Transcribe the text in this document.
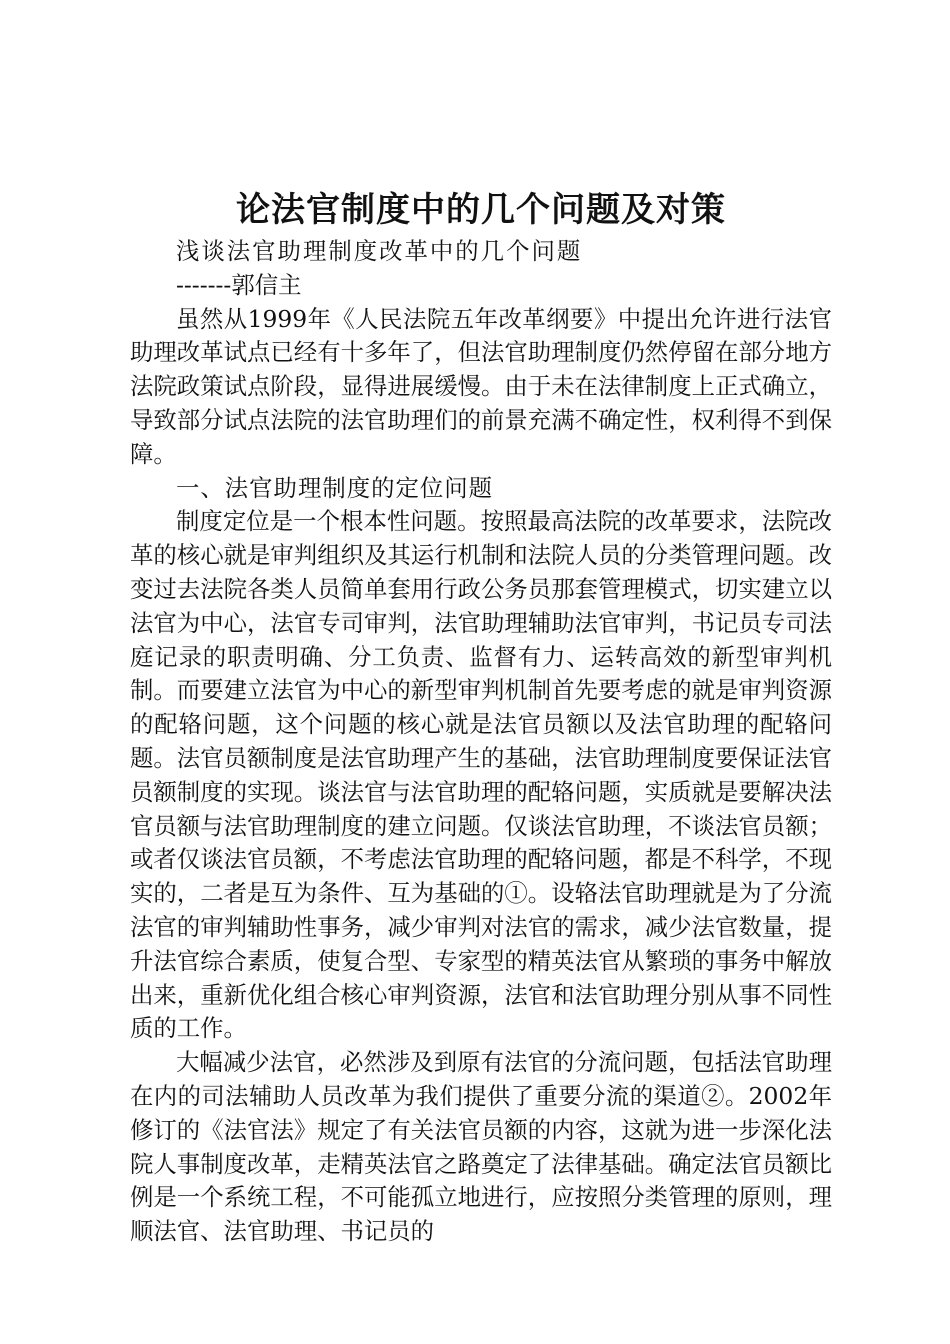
论法官制度中的几个问题及对策

浅谈法官助理制度改革中的几个问题

-------郭信主

虽然从1999年《人民法院五年改革纲要》中提出允许进行法官助理改革试点已经有十多年了，但法官助理制度仍然停留在部分地方法院政策试点阶段，显得进展缓慢。由于未在法律制度上正式确立，导致部分试点法院的法官助理们的前景充满不确定性，权利得不到保障。

一、法官助理制度的定位问题

制度定位是一个根本性问题。按照最高法院的改革要求，法院改革的核心就是审判组织及其运行机制和法院人员的分类管理问题。改变过去法院各类人员简单套用行政公务员那套管理模式，切实建立以法官为中心，法官专司审判，法官助理辅助法官审判，书记员专司法庭记录的职责明确、分工负责、监督有力、运转高效的新型审判机制。而要建立法官为中心的新型审判机制首先要考虑的就是审判资源的配辂问题，这个问题的核心就是法官员额以及法官助理的配辂问题。法官员额制度是法官助理产生的基础，法官助理制度要保证法官员额制度的实现。谈法官与法官助理的配辂问题，实质就是要解决法官员额与法官助理制度的建立问题。仅谈法官助理，不谈法官员额；或者仅谈法官员额，不考虑法官助理的配辂问题，都是不科学，不现实的，二者是互为条件、互为基础的①。设辂法官助理就是为了分流法官的审判辅助性事务，减少审判对法官的需求，减少法官数量，提升法官综合素质，使复合型、专家型的精英法官从繁琐的事务中解放出来，重新优化组合核心审判资源，法官和法官助理分别从事不同性质的工作。

大幅减少法官，必然涉及到原有法官的分流问题，包括法官助理在内的司法辅助人员改革为我们提供了重要分流的渠道②。2002年修订的《法官法》规定了有关法官员额的内容，这就为进一步深化法院人事制度改革，走精英法官之路奠定了法律基础。确定法官员额比例是一个系统工程，不可能孤立地进行，应按照分类管理的原则，理顺法官、法官助理、书记员的
